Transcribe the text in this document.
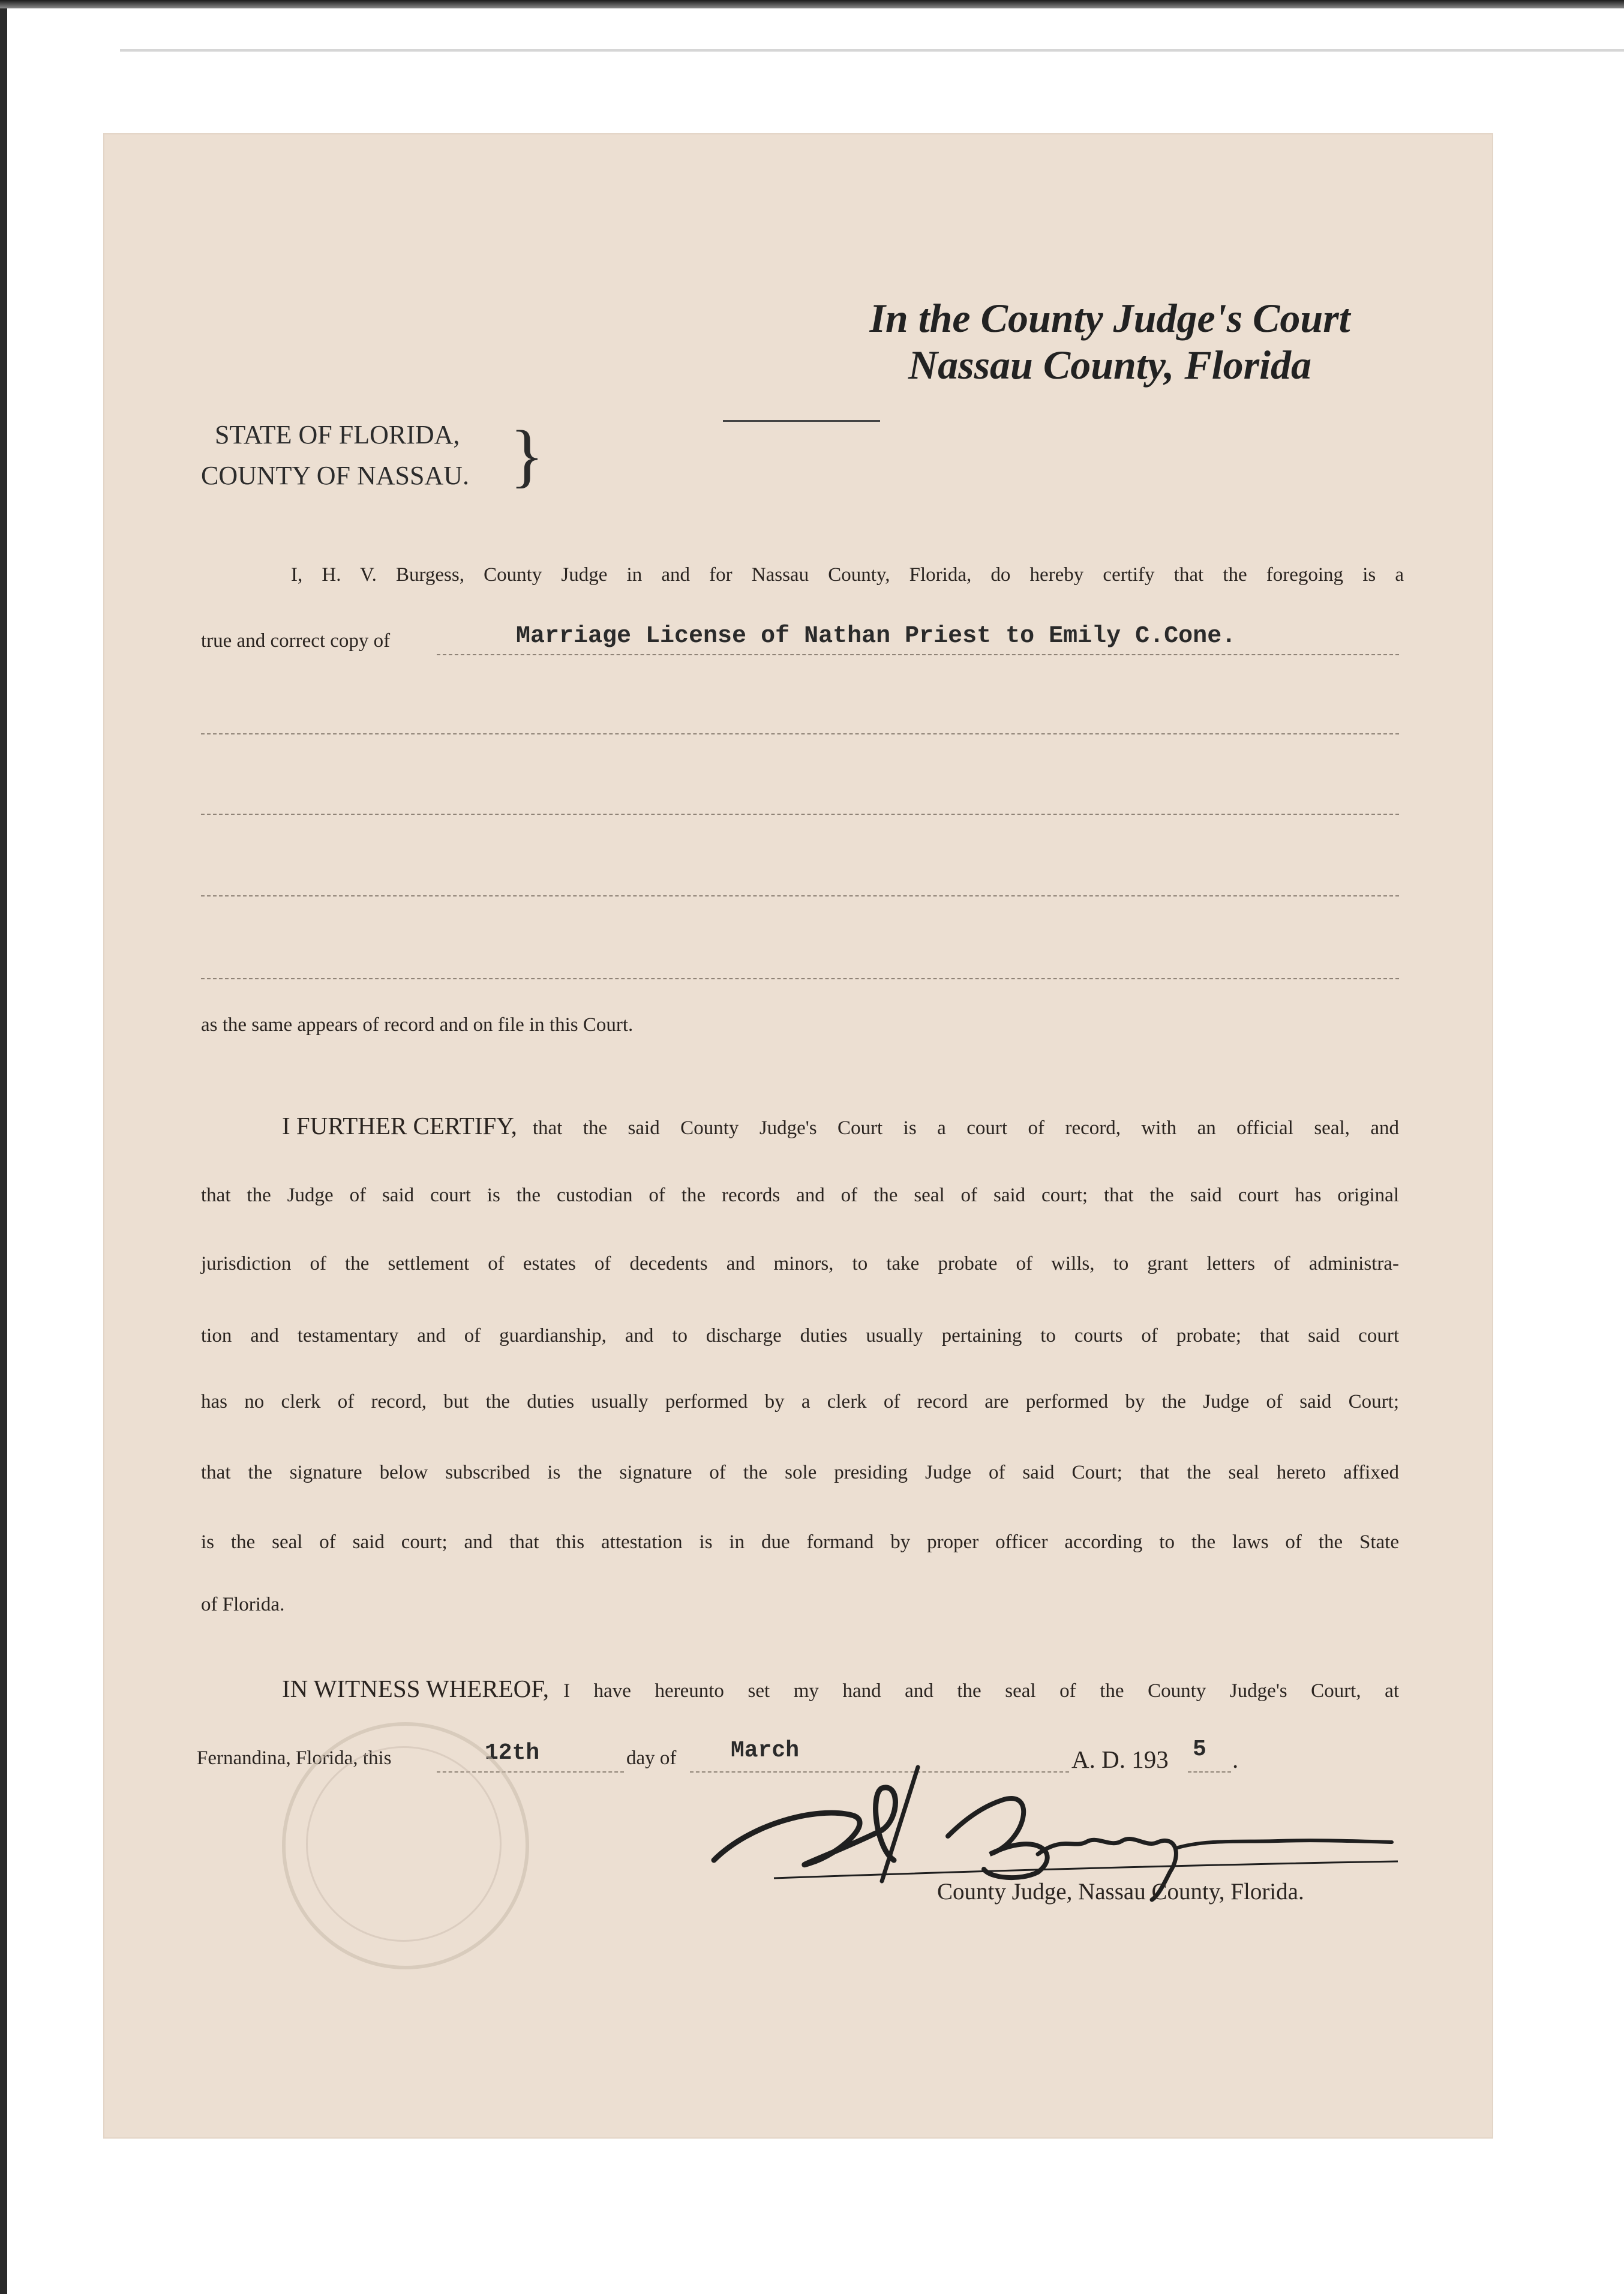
In the County Judge's Court
Nassau County, Florida
STATE OF FLORIDA,
COUNTY OF NASSAU. }
I, H. V. Burgess, County Judge in and for Nassau County, Florida, do hereby certify that the foregoing is a
true and correct copy of	Marriage License of Nathan Priest to Emily C.Cone.
as the same appears of record and on file in this Court.
I FURTHER CERTIFY, that the said County Judge's Court is a court of record, with an official seal, and
that the Judge of said court is the custodian of the records and of the seal of said court; that the said court has original
jurisdiction of the settlement of estates of decedents and minors, to take probate of wills, to grant letters of administra-
tion and testamentary and of guardianship, and to discharge duties usually pertaining to courts of probate; that said court
has no clerk of record, but the duties usually performed by a clerk of record are performed by the Judge of said Court;
that the signature below subscribed is the signature of the sole presiding Judge of said Court; that the seal hereto affixed
is the seal of said court; and that this attestation is in due formand by proper officer according to the laws of the State
of Florida.
IN WITNESS WHEREOF, I have hereunto set my hand and the seal of the County Judge's Court, at
Fernandina, Florida, this	12th	day of March	A. D. 193 5 .
County Judge, Nassau County, Florida.
